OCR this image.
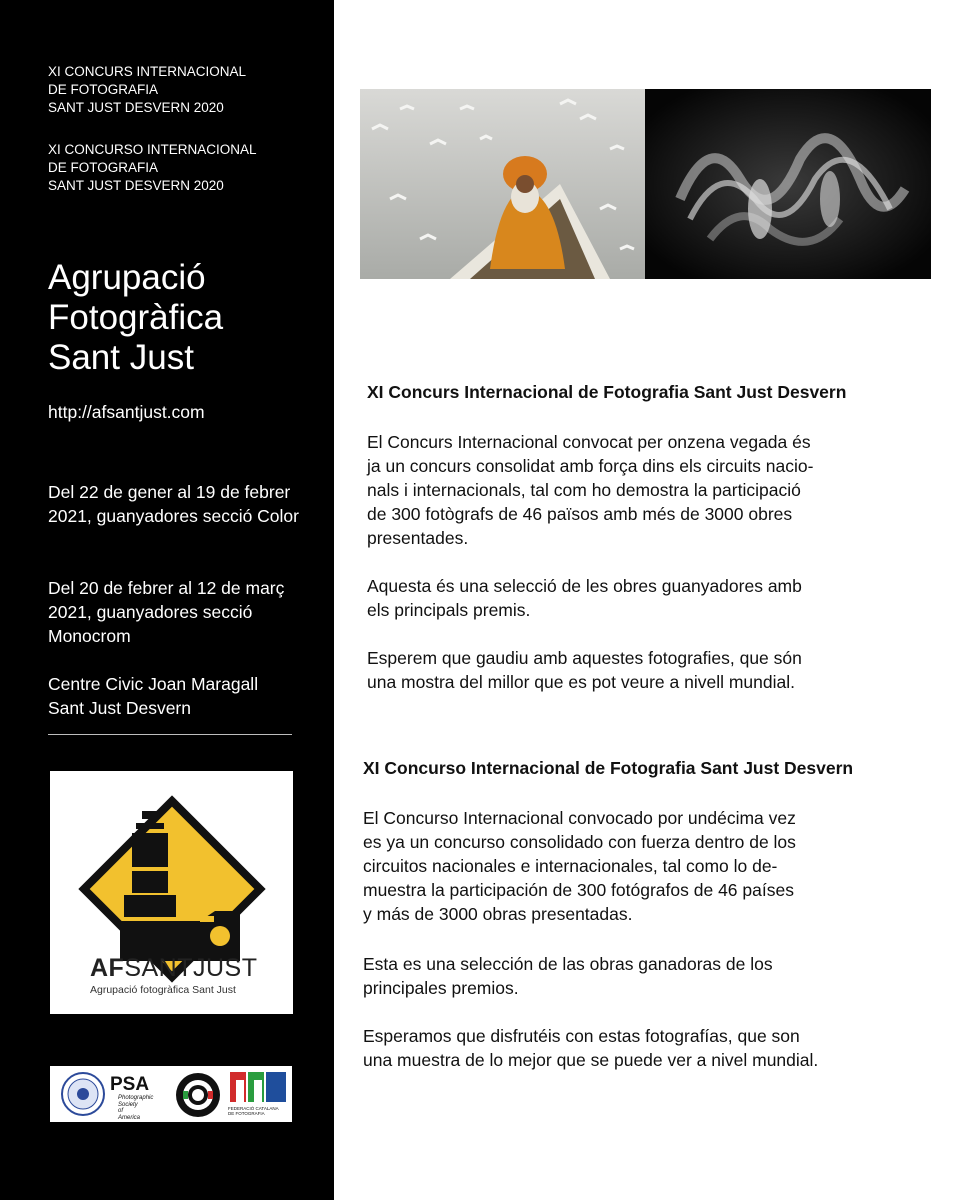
XI CONCURS INTERNACIONAL
DE FOTOGRAFIA
SANT JUST DESVERN 2020
XI CONCURSO INTERNACIONAL
DE FOTOGRAFIA
SANT JUST DESVERN 2020
Agrupació
Fotogràfica
Sant Just
http://afsantjust.com
Del 22 de gener al 19 de febrer 2021, guanyadores secció Color
Del 20 de febrer al 12 de març 2021, guanyadores secció Monocrom
Centre Civic Joan Maragall
Sant Just Desvern
AFSANTJUST
Agrupació fotogràfica Sant Just
PSA
Photographic
Society
of
America
FEDERACIÓ CATALANA
DE FOTOGRAFIA
XI Concurs Internacional de Fotografia Sant Just Desvern
El Concurs Internacional convocat per onzena vegada és
ja un concurs consolidat amb força dins els circuits nacio-
nals i internacionals, tal com ho demostra la participació
de 300 fotògrafs de 46 països amb més de 3000 obres
presentades.
Aquesta és una selecció de les obres guanyadores amb
els principals premis.
Esperem que gaudiu amb aquestes fotografies, que són
una mostra del millor que es pot veure a nivell mundial.
XI Concurso Internacional de Fotografia Sant Just Desvern
El Concurso Internacional convocado por undécima vez
es ya un concurso consolidado con fuerza dentro de los
circuitos nacionales e internacionales, tal como lo de-
muestra la participación de 300 fotógrafos de 46 países
y más de 3000 obras presentadas.
Esta es una selección de las obras ganadoras de los
principales premios.
Esperamos que disfrutéis con estas fotografías, que son
una muestra de lo mejor que se puede ver a nivel mundial.
